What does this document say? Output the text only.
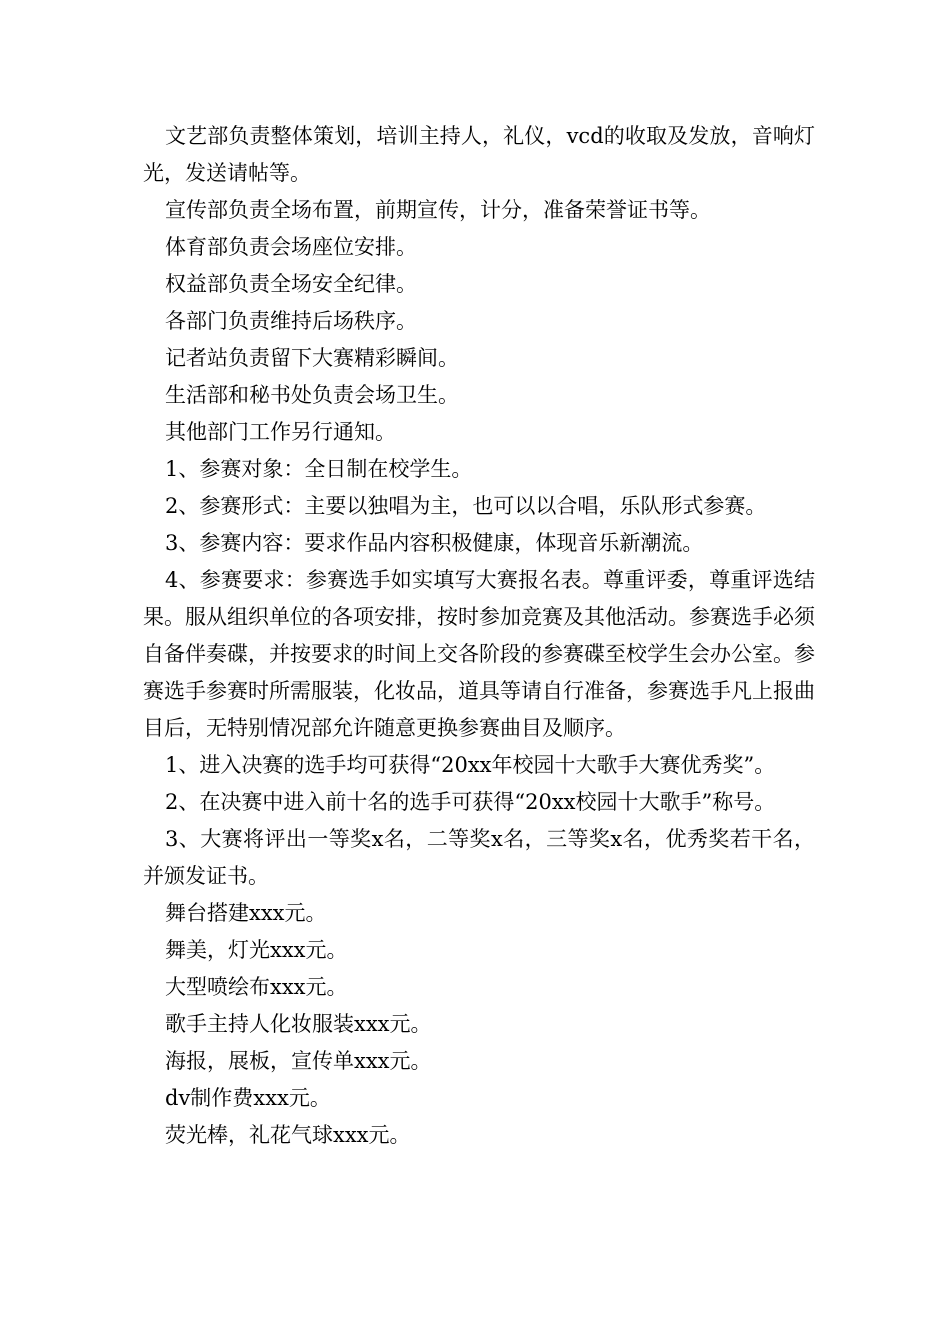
文艺部负责整体策划，培训主持人，礼仪，vcd的收取及发放，音响灯光，发送请帖等。

宣传部负责全场布置，前期宣传，计分，准备荣誉证书等。

体育部负责会场座位安排。

权益部负责全场安全纪律。

各部门负责维持后场秩序。

记者站负责留下大赛精彩瞬间。

生活部和秘书处负责会场卫生。

其他部门工作另行通知。

1、参赛对象：全日制在校学生。

2、参赛形式：主要以独唱为主，也可以以合唱，乐队形式参赛。

3、参赛内容：要求作品内容积极健康，体现音乐新潮流。

4、参赛要求：参赛选手如实填写大赛报名表。尊重评委，尊重评选结果。服从组织单位的各项安排，按时参加竞赛及其他活动。参赛选手必须自备伴奏碟，并按要求的时间上交各阶段的参赛碟至校学生会办公室。参赛选手参赛时所需服装，化妆品，道具等请自行准备，参赛选手凡上报曲目后，无特别情况部允许随意更换参赛曲目及顺序。

1、进入决赛的选手均可获得“20xx年校园十大歌手大赛优秀奖”。

2、在决赛中进入前十名的选手可获得“20xx校园十大歌手”称号。

3、大赛将评出一等奖x名，二等奖x名，三等奖x名，优秀奖若干名，并颁发证书。

舞台搭建xxx元。

舞美，灯光xxx元。

大型喷绘布xxx元。

歌手主持人化妆服装xxx元。

海报，展板，宣传单xxx元。

dv制作费xxx元。

荧光棒，礼花气球xxx元。
